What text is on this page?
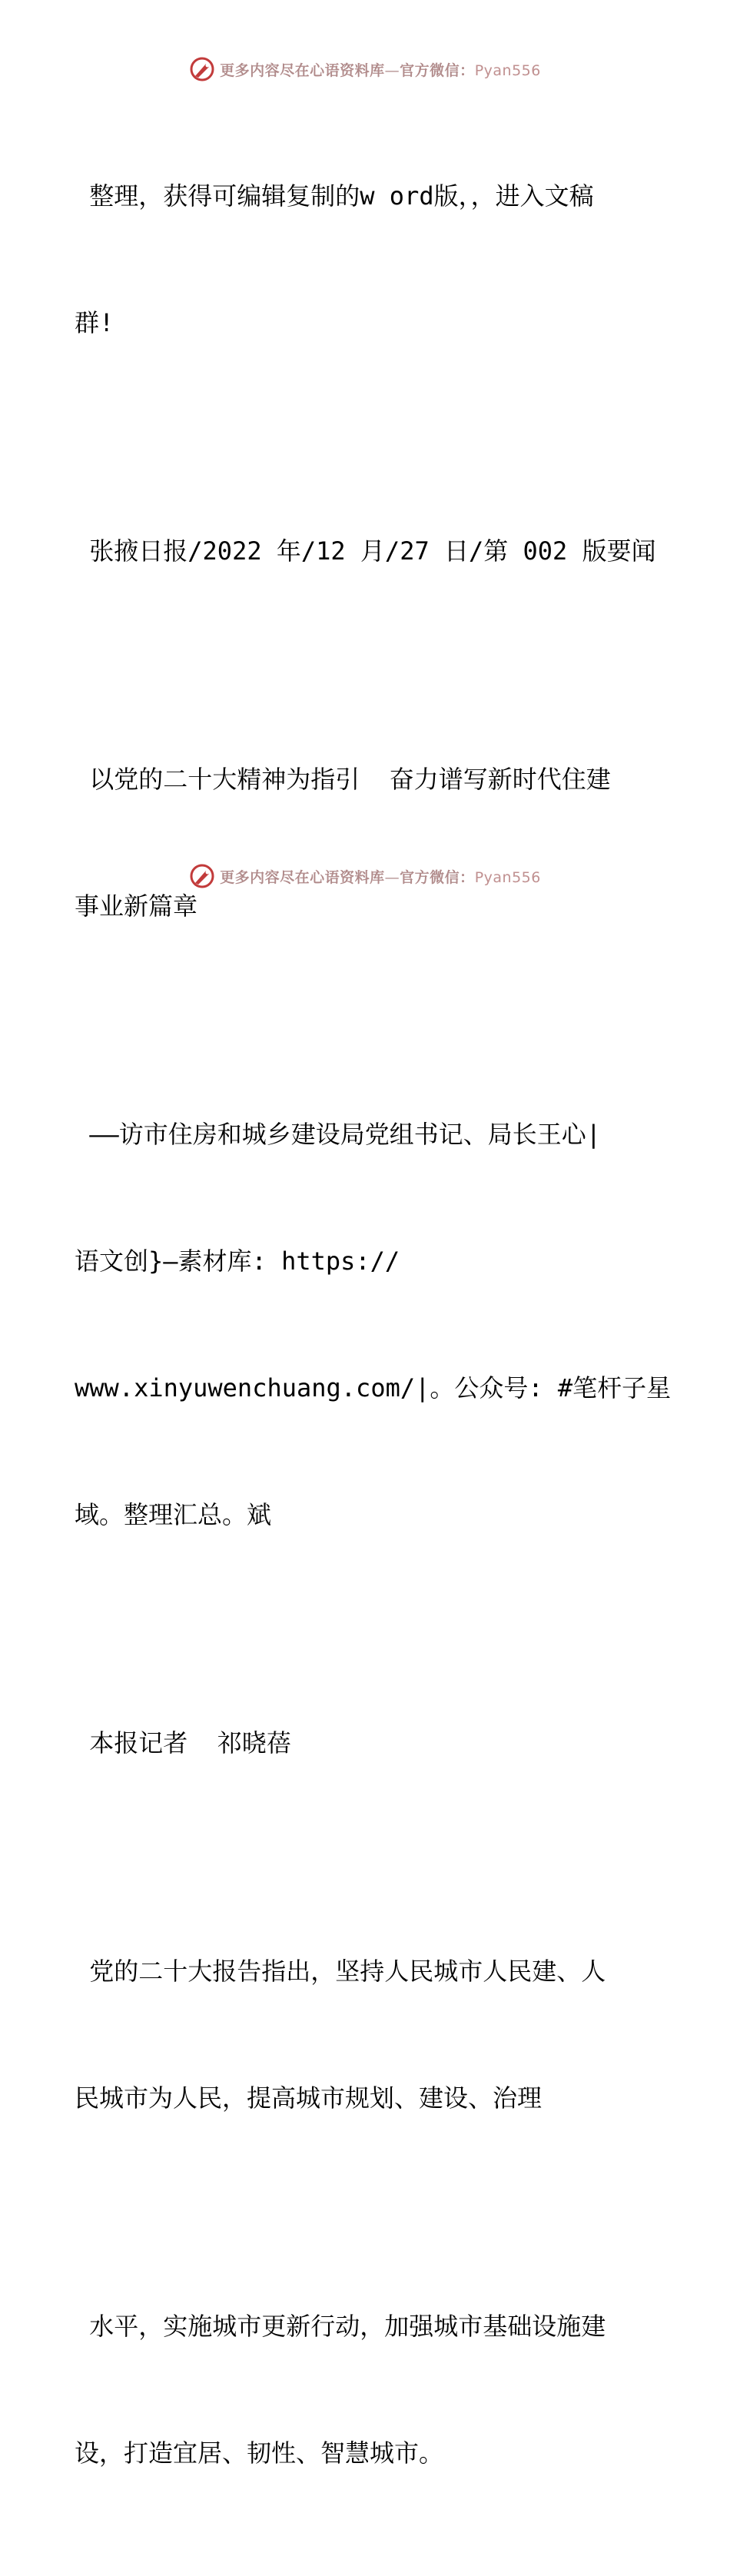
更多内容尽在心语资料库—官方微信：Pyan556

整理，获得可编辑复制的w ord版，，进入文稿

群!

张掖日报/2022 年/12 月/27 日/第 002 版要闻

以党的二十大精神为指引  奋力谱写新时代住建

事业新篇章

——访市住房和城乡建设局党组书记、局长王心|

语文创}—素材库: https://

www.xinyuwenchuang.com/|。公众号: #笔杆子星

域。整理汇总。斌

本报记者  祁晓蓓

党的二十大报告指出，坚持人民城市人民建、人

民城市为人民，提高城市规划、建设、治理

水平，实施城市更新行动，加强城市基础设施建

设，打造宜居、韧性、智慧城市。

更多内容尽在心语资料库—官方微信：Pyan556
